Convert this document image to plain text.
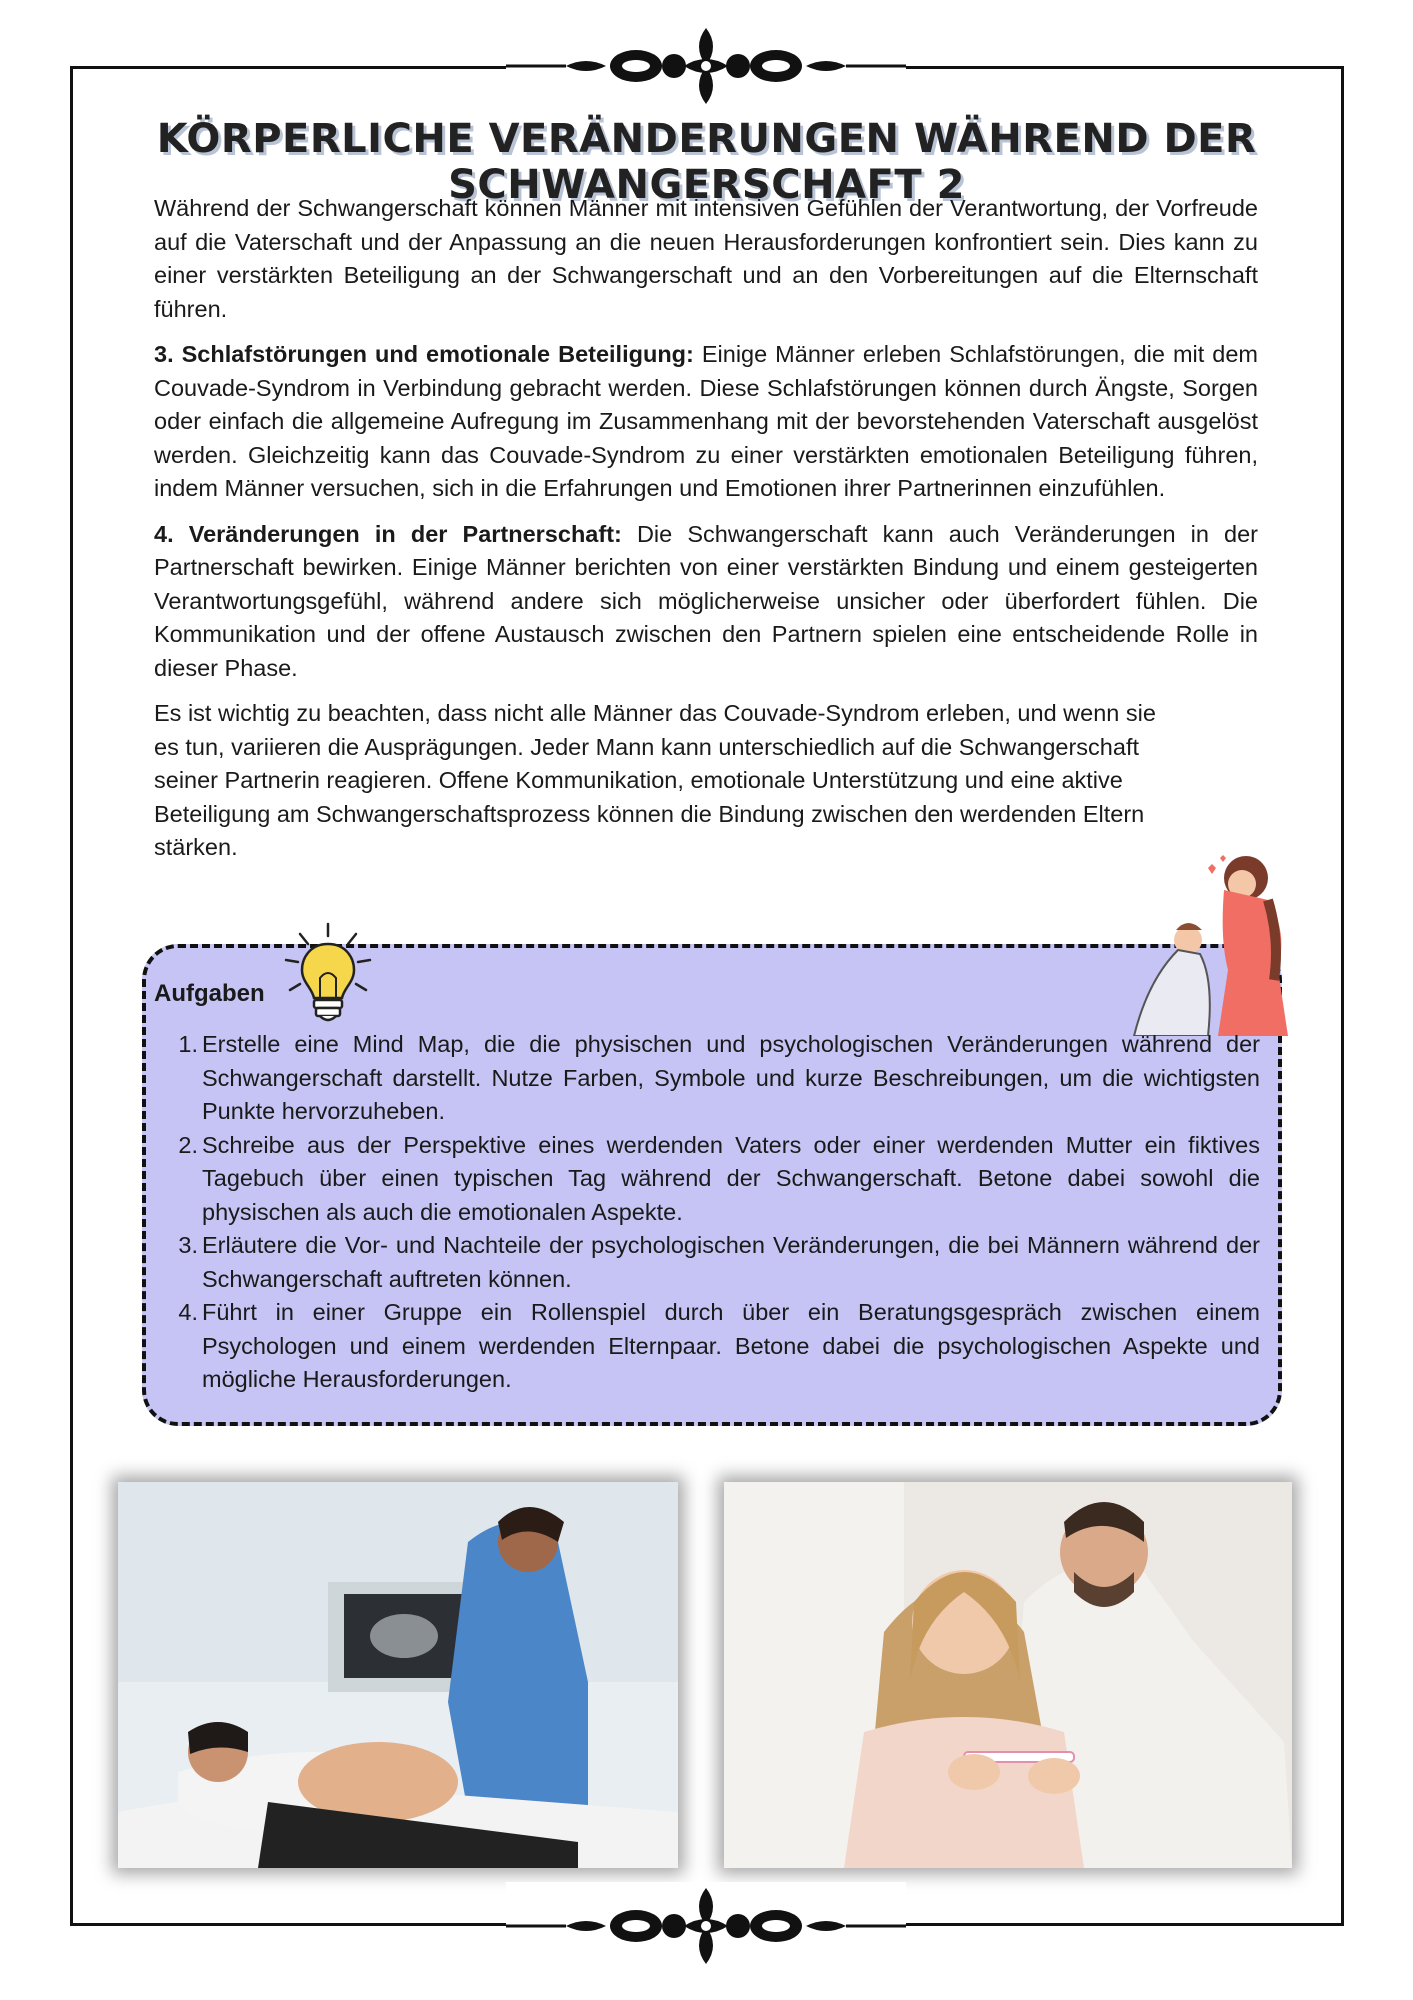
KÖRPERLICHE VERÄNDERUNGEN WÄHREND DER SCHWANGERSCHAFT 2

Während der Schwangerschaft können Männer mit intensiven Gefühlen der Verantwortung, der Vorfreude auf die Vaterschaft und der Anpassung an die neuen Herausforderungen konfrontiert sein. Dies kann zu einer verstärkten Beteiligung an der Schwangerschaft und an den Vorbereitungen auf die Elternschaft führen.

3. Schlafstörungen und emotionale Beteiligung: Einige Männer erleben Schlafstörungen, die mit dem Couvade-Syndrom in Verbindung gebracht werden. Diese Schlafstörungen können durch Ängste, Sorgen oder einfach die allgemeine Aufregung im Zusammenhang mit der bevorstehenden Vaterschaft ausgelöst werden. Gleichzeitig kann das Couvade-Syndrom zu einer verstärkten emotionalen Beteiligung führen, indem Männer versuchen, sich in die Erfahrungen und Emotionen ihrer Partnerinnen einzufühlen.

4. Veränderungen in der Partnerschaft: Die Schwangerschaft kann auch Veränderungen in der Partnerschaft bewirken. Einige Männer berichten von einer verstärkten Bindung und einem gesteigerten Verantwortungsgefühl, während andere sich möglicherweise unsicher oder überfordert fühlen. Die Kommunikation und der offene Austausch zwischen den Partnern spielen eine entscheidende Rolle in dieser Phase.

Es ist wichtig zu beachten, dass nicht alle Männer das Couvade-Syndrom erleben, und wenn sie es tun, variieren die Ausprägungen. Jeder Mann kann unterschiedlich auf die Schwangerschaft seiner Partnerin reagieren. Offene Kommunikation, emotionale Unterstützung und eine aktive Beteiligung am Schwangerschaftsprozess können die Bindung zwischen den werdenden Eltern stärken.

Aufgaben
1. Erstelle eine Mind Map, die die physischen und psychologischen Veränderungen während der Schwangerschaft darstellt. Nutze Farben, Symbole und kurze Beschreibungen, um die wichtigsten Punkte hervorzuheben.
2. Schreibe aus der Perspektive eines werdenden Vaters oder einer werdenden Mutter ein fiktives Tagebuch über einen typischen Tag während der Schwangerschaft. Betone dabei sowohl die physischen als auch die emotionalen Aspekte.
3. Erläutere die Vor- und Nachteile der psychologischen Veränderungen, die bei Männern während der Schwangerschaft auftreten können.
4. Führt in einer Gruppe ein Rollenspiel durch über ein Beratungsgespräch zwischen einem Psychologen und einem werdenden Elternpaar. Betone dabei die psychologischen Aspekte und mögliche Herausforderungen.
